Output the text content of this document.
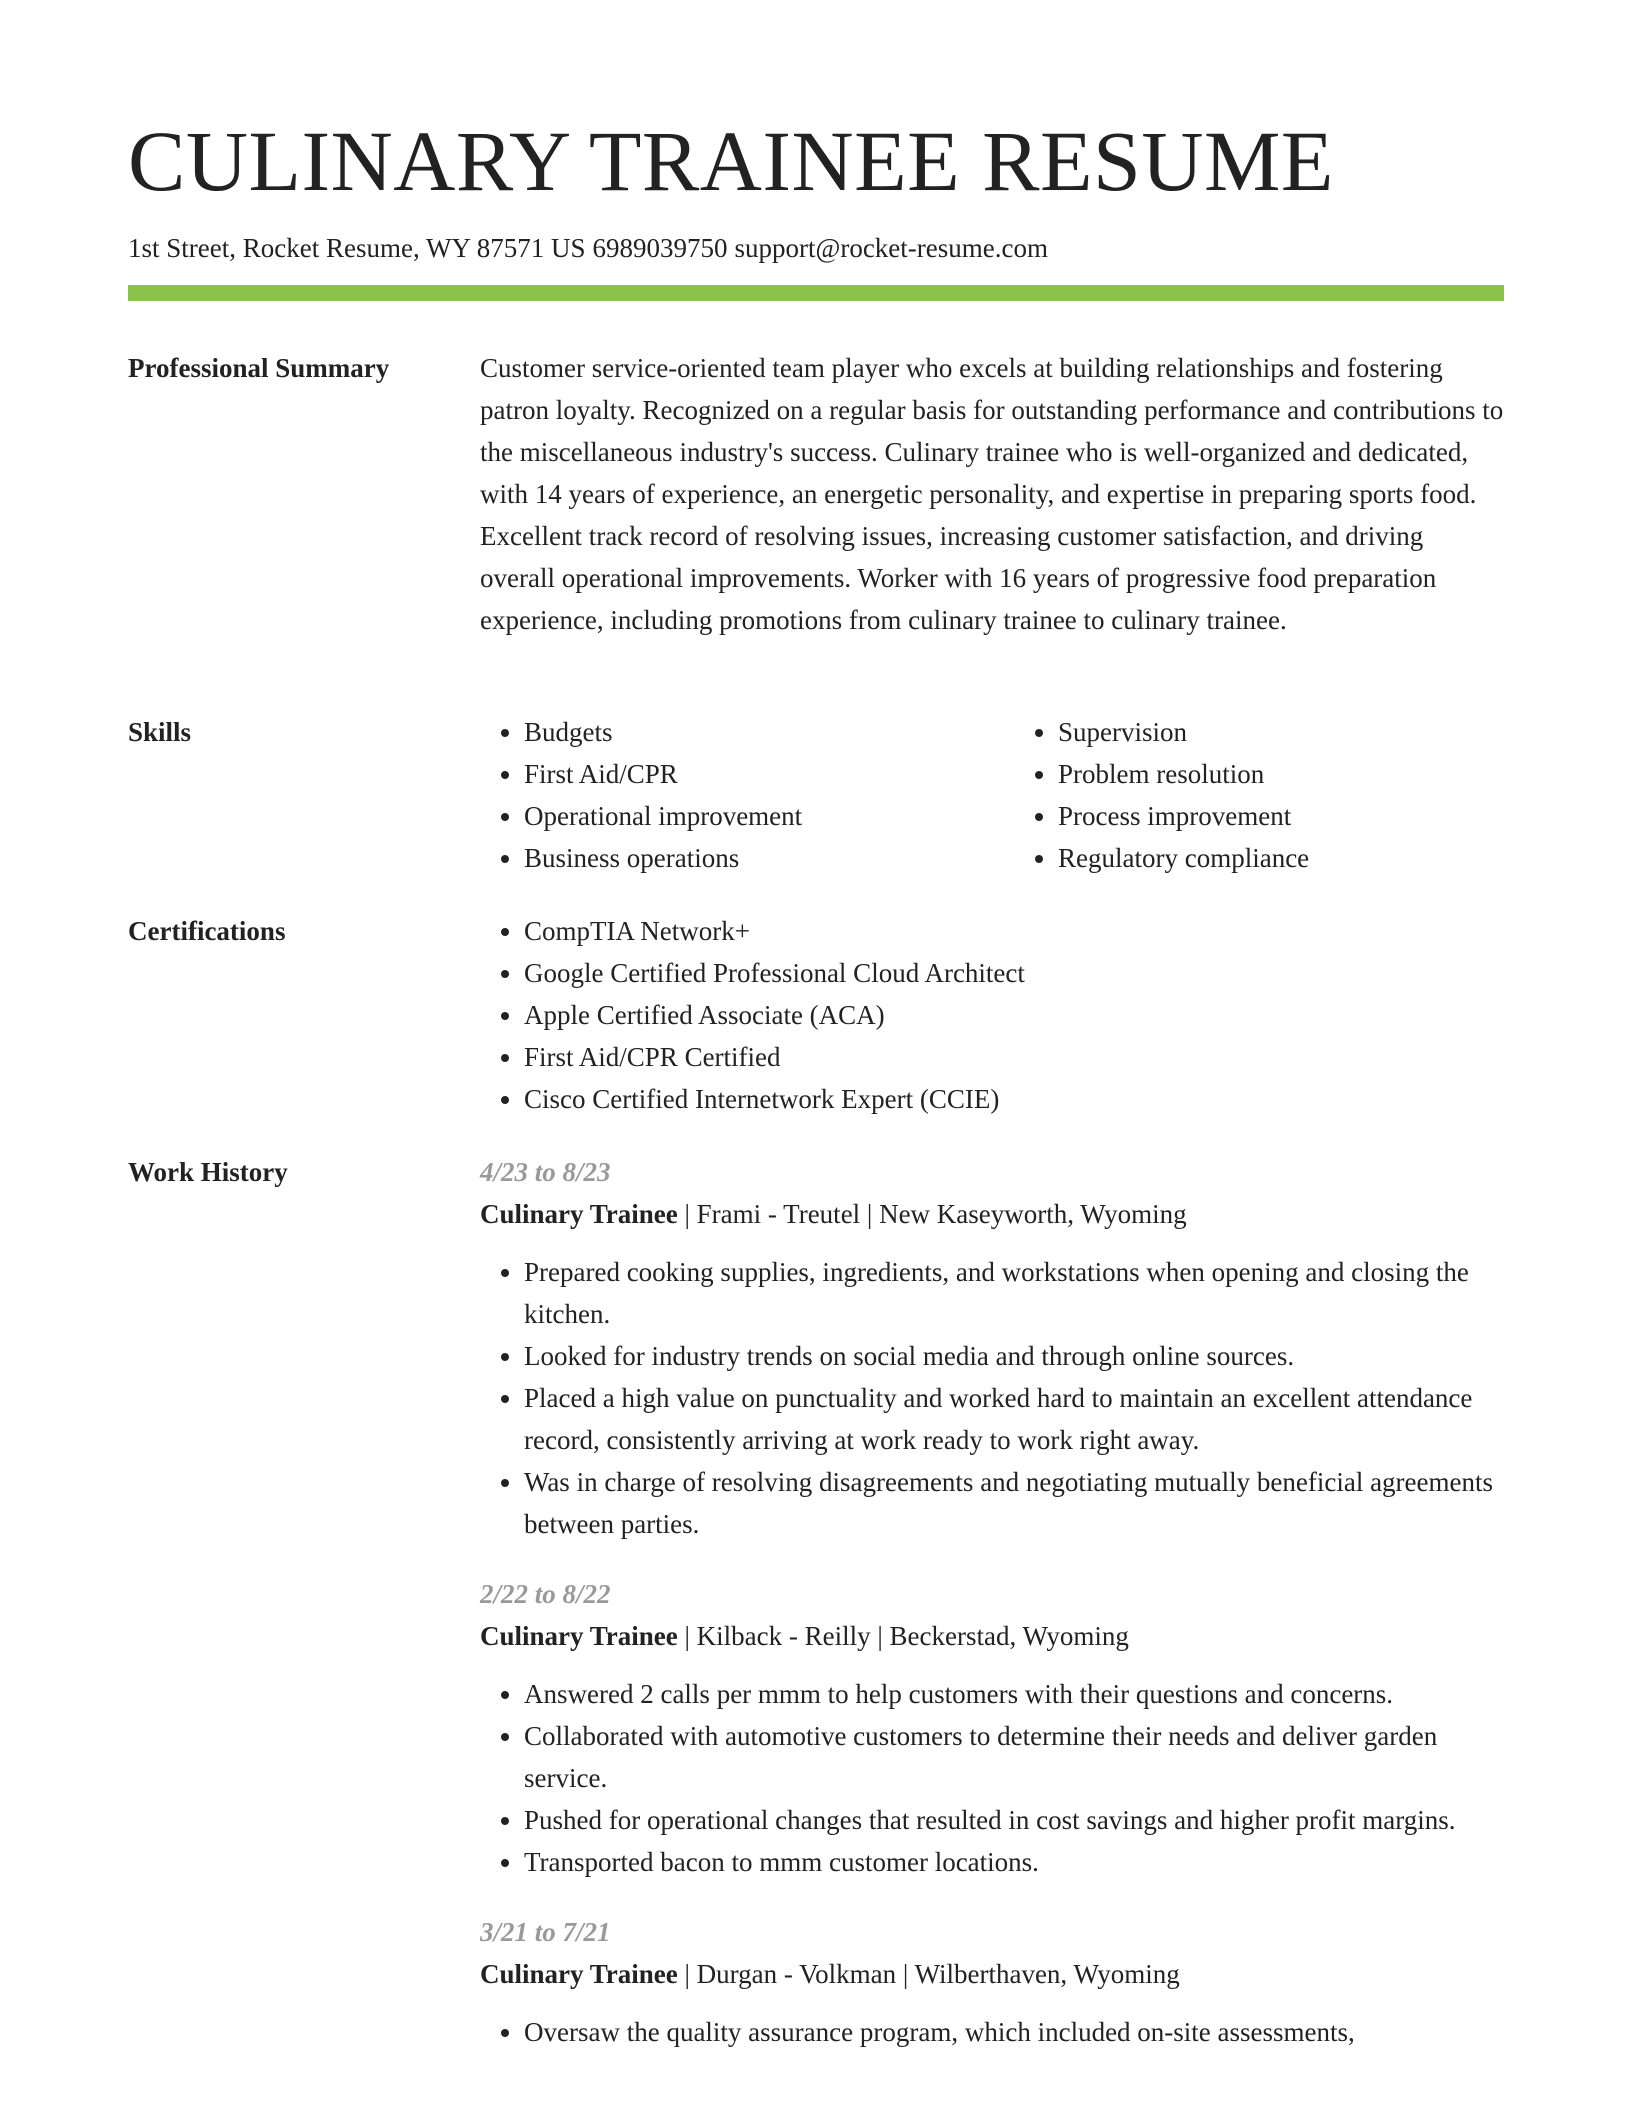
CULINARY TRAINEE RESUME
1st Street, Rocket Resume, WY 87571 US 6989039750 support@rocket-resume.com
Professional Summary	Customer service-oriented team player who excels at building relationships and fostering patron loyalty. Recognized on a regular basis for outstanding performance and contributions to the miscellaneous industry's success. Culinary trainee who is well-organized and dedicated, with 14 years of experience, an energetic personality, and expertise in preparing sports food. Excellent track record of resolving issues, increasing customer satisfaction, and driving overall operational improvements. Worker with 16 years of progressive food preparation experience, including promotions from culinary trainee to culinary trainee.

Skills	• Budgets
• First Aid/CPR
• Operational improvement
• Business operations
• Supervision
• Problem resolution
• Process improvement
• Regulatory compliance
Certifications	• CompTIA Network+
• Google Certified Professional Cloud Architect
• Apple Certified Associate (ACA)
• First Aid/CPR Certified
• Cisco Certified Internetwork Expert (CCIE)
Work History	4/23 to 8/23
Culinary Trainee | Frami - Treutel | New Kaseyworth, Wyoming
• Prepared cooking supplies, ingredients, and workstations when opening and closing the kitchen.
• Looked for industry trends on social media and through online sources.
• Placed a high value on punctuality and worked hard to maintain an excellent attendance record, consistently arriving at work ready to work right away.
• Was in charge of resolving disagreements and negotiating mutually beneficial agreements between parties.
2/22 to 8/22
Culinary Trainee | Kilback - Reilly | Beckerstad, Wyoming
• Answered 2 calls per mmm to help customers with their questions and concerns.
• Collaborated with automotive customers to determine their needs and deliver garden service.
• Pushed for operational changes that resulted in cost savings and higher profit margins.
• Transported bacon to mmm customer locations.
3/21 to 7/21
Culinary Trainee | Durgan - Volkman | Wilberthaven, Wyoming
• Oversaw the quality assurance program, which included on-site assessments,
